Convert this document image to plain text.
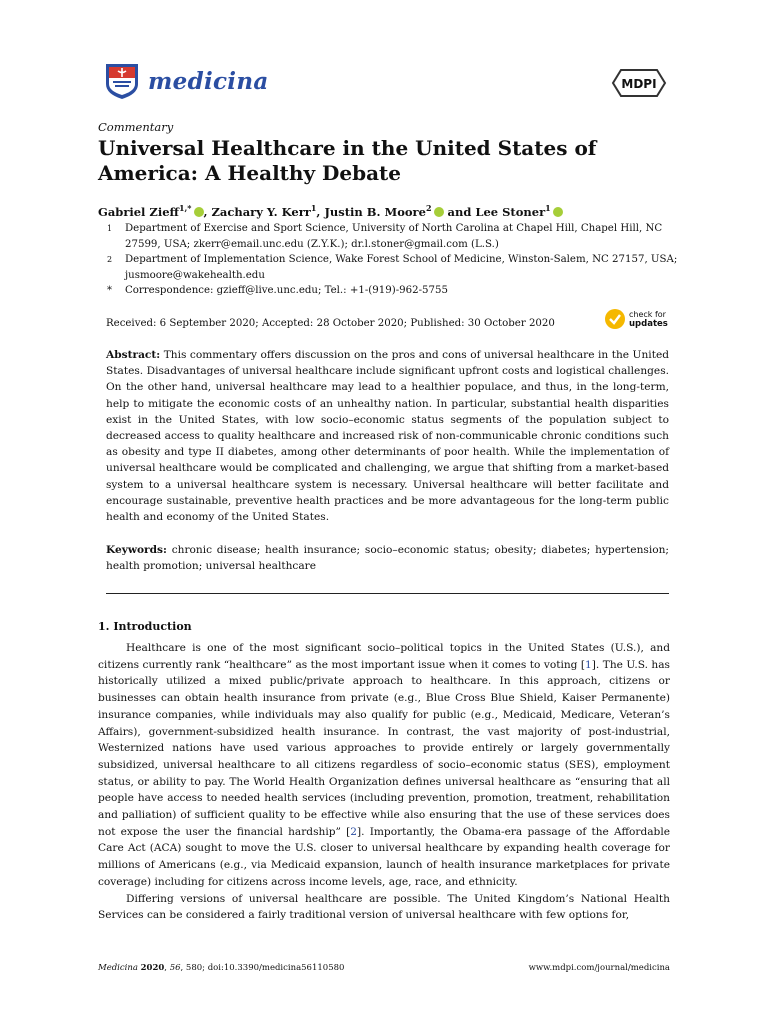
medicina	MDPI
Commentary
Universal Healthcare in the United States of America: A Healthy Debate
Gabriel Zieff$^{1,*}$ , Zachary Y. Kerr$^1$, Justin B. Moore$^2$ and Lee Stoner$^1$
1	Department of Exercise and Sport Science, University of North Carolina at Chapel Hill, Chapel Hill, NC 27599, USA; zkerr@email.unc.edu (Z.Y.K.); dr.l.stoner@gmail.com (L.S.)
2	Department of Implementation Science, Wake Forest School of Medicine, Winston-Salem, NC 27157, USA; jusmoore@wakehealth.edu
*	Correspondence: gzieff@live.unc.edu; Tel.: +1-(919)-962-5755
Received: 6 September 2020; Accepted: 28 October 2020; Published: 30 October 2020
check for
updates
Abstract: This commentary offers discussion on the pros and cons of universal healthcare in the United States. Disadvantages of universal healthcare include significant upfront costs and logistical challenges. On the other hand, universal healthcare may lead to a healthier populace, and thus, in the long-term, help to mitigate the economic costs of an unhealthy nation. In particular, substantial health disparities exist in the United States, with low socio–economic status segments of the population subject to decreased access to quality healthcare and increased risk of non-communicable chronic conditions such as obesity and type II diabetes, among other determinants of poor health. While the implementation of universal healthcare would be complicated and challenging, we argue that shifting from a market-based system to a universal healthcare system is necessary. Universal healthcare will better facilitate and encourage sustainable, preventive health practices and be more advantageous for the long-term public health and economy of the United States.
Keywords: chronic disease; health insurance; socio–economic status; obesity; diabetes; hypertension; health promotion; universal healthcare
1. Introduction

Healthcare is one of the most significant socio–political topics in the United States (U.S.), and citizens currently rank “healthcare” as the most important issue when it comes to voting [1]. The U.S. has historically utilized a mixed public/private approach to healthcare. In this approach, citizens or businesses can obtain health insurance from private (e.g., Blue Cross Blue Shield, Kaiser Permanente) insurance companies, while individuals may also qualify for public (e.g., Medicaid, Medicare, Veteran’s Affairs), government-subsidized health insurance. In contrast, the vast majority of post-industrial, Westernized nations have used various approaches to provide entirely or largely governmentally subsidized, universal healthcare to all citizens regardless of socio–economic status (SES), employment status, or ability to pay. The World Health Organization defines universal healthcare as “ensuring that all people have access to needed health services (including prevention, promotion, treatment, rehabilitation and palliation) of sufficient quality to be effective while also ensuring that the use of these services does not expose the user the financial hardship” [2]. Importantly, the Obama-era passage of the Affordable Care Act (ACA) sought to move the U.S. closer to universal healthcare by expanding health coverage for millions of Americans (e.g., via Medicaid expansion, launch of health insurance marketplaces for private coverage) including for citizens across income levels, age, race, and ethnicity.

Differing versions of universal healthcare are possible. The United Kingdom’s National Health Services can be considered a fairly traditional version of universal healthcare with few options for,

Medicina 2020, 56, 580; doi:10.3390/medicina56110580	www.mdpi.com/journal/medicina
